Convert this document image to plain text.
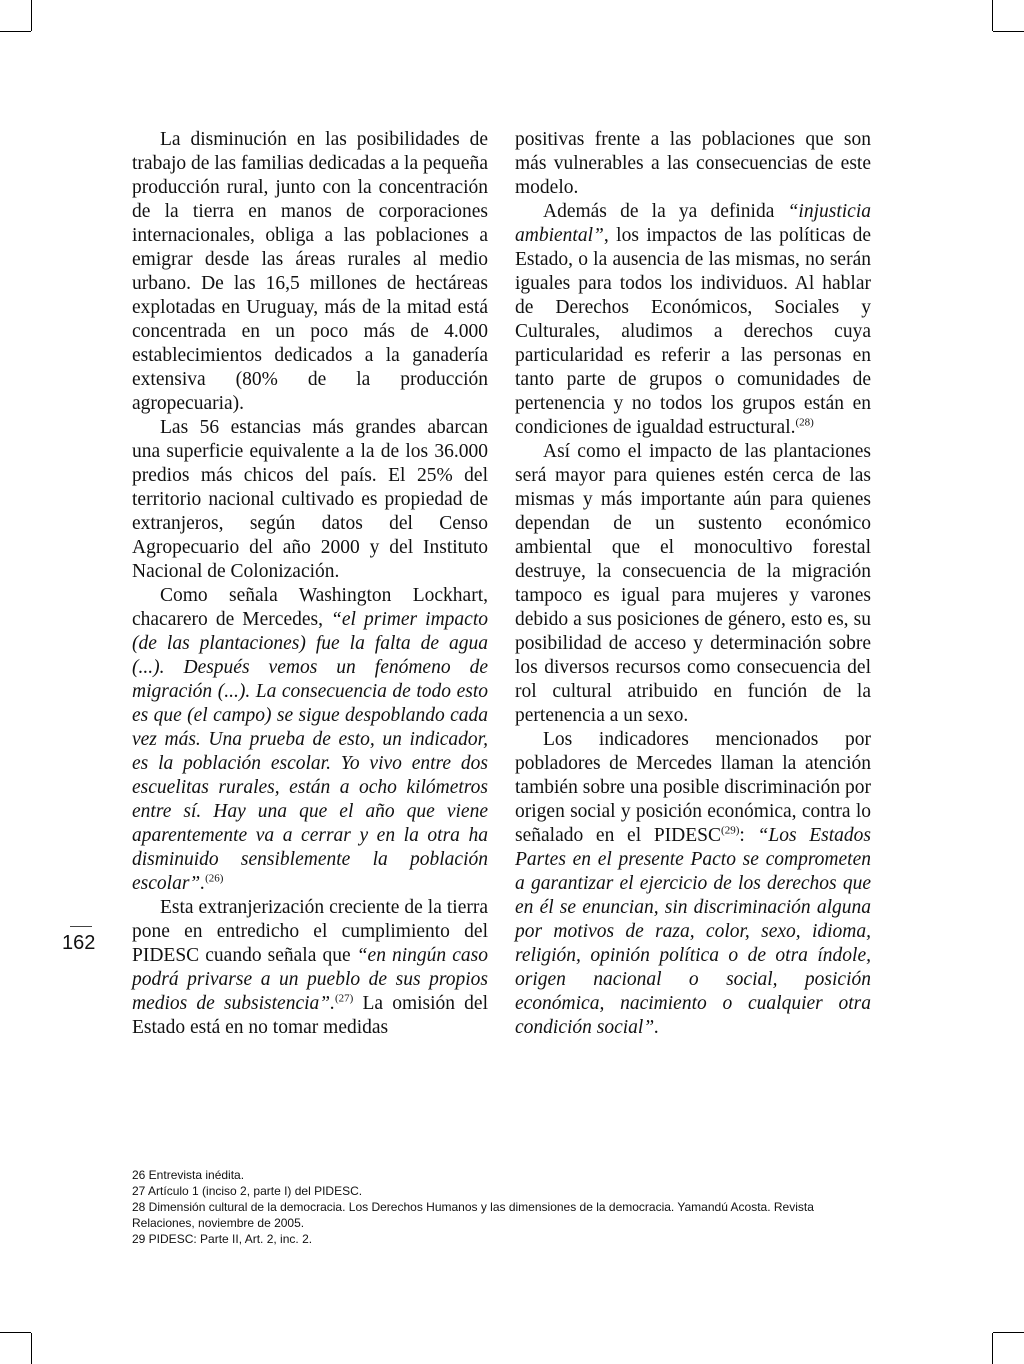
La disminución en las posibilidades de trabajo de las familias dedicadas a la pequeña producción rural, junto con la concentración de la tierra en manos de corporaciones internacionales, obliga a las poblaciones a emigrar desde las áreas rurales al medio urbano. De las 16,5 millones de hectáreas explotadas en Uruguay, más de la mitad está concentrada en un poco más de 4.000 establecimientos dedicados a la ganadería extensiva (80% de la producción agropecuaria).

Las 56 estancias más grandes abarcan una superficie equivalente a la de los 36.000 predios más chicos del país. El 25% del territorio nacional cultivado es propiedad de extranjeros, según datos del Censo Agropecuario del año 2000 y del Instituto Nacional de Colonización.

Como señala Washington Lockhart, chacarero de Mercedes, “el primer impacto (de las plantaciones) fue la falta de agua (...). Después vemos un fenómeno de migración (...). La consecuencia de todo esto es que (el campo) se sigue despoblando cada vez más. Una prueba de esto, un indicador, es la población escolar. Yo vivo entre dos escuelitas rurales, están a ocho kilómetros entre sí. Hay una que el año que viene aparentemente va a cerrar y en la otra ha disminuido sensiblemente la población escolar”.$^{(26)}$

Esta extranjerización creciente de la tierra pone en entredicho el cumplimiento del PIDESC cuando señala que “en ningún caso podrá privarse a un pueblo de sus propios medios de subsistencia”.$^{(27)}$ La omisión del Estado está en no tomar medidas

positivas frente a las poblaciones que son más vulnerables a las consecuencias de este modelo.

Además de la ya definida “injusticia ambiental”, los impactos de las políticas de Estado, o la ausencia de las mismas, no serán iguales para todos los individuos. Al hablar de Derechos Económicos, Sociales y Culturales, aludimos a derechos cuya particularidad es referir a las personas en tanto parte de grupos o comunidades de pertenencia y no todos los grupos están en condiciones de igualdad estructural.$^{(28)}$

Así como el impacto de las plantaciones será mayor para quienes estén cerca de las mismas y más importante aún para quienes dependan de un sustento económico ambiental que el monocultivo forestal destruye, la consecuencia de la migración tampoco es igual para mujeres y varones debido a sus posiciones de género, esto es, su posibilidad de acceso y determinación sobre los diversos recursos como consecuencia del rol cultural atribuido en función de la pertenencia a un sexo.

Los indicadores mencionados por pobladores de Mercedes llaman la atención también sobre una posible discriminación por origen social y posición económica, contra lo señalado en el PIDESC$^{(29)}$: “Los Estados Partes en el presente Pacto se comprometen a garantizar el ejercicio de los derechos que en él se enuncian, sin discriminación alguna por motivos de raza, color, sexo, idioma, religión, opinión política o de otra índole, origen nacional o social, posición económica, nacimiento o cualquier otra condición social”.

162
26 Entrevista inédita.
27 Artículo 1 (inciso 2, parte I) del PIDESC.
28 Dimensión cultural de la democracia. Los Derechos Humanos y las dimensiones de la democracia. Yamandú Acosta. Revista Relaciones, noviembre de 2005.
29 PIDESC: Parte II, Art. 2, inc. 2.
